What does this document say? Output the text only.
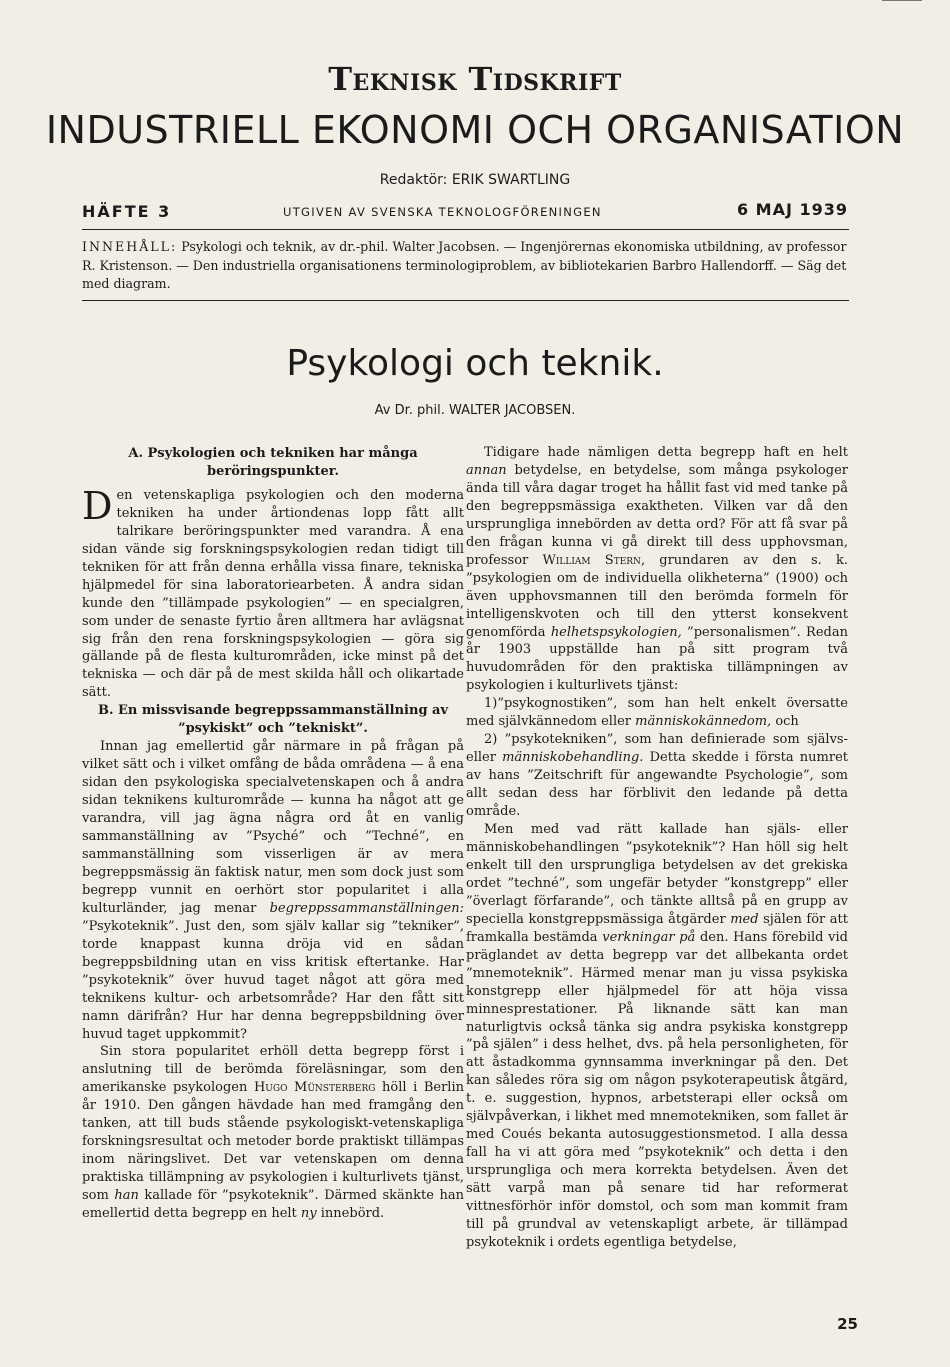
Teknisk Tidskrift
INDUSTRIELL EKONOMI OCH ORGANISATION
Redaktör: ERIK SWARTLING
HÄFTE 3	UTGIVEN AV SVENSKA TEKNOLOGFÖRENINGEN	6 MAJ 1939
INNEHÅLL: Psykologi och teknik, av dr.-phil. Walter Jacobsen. — Ingenjörernas ekonomiska utbildning, av professor R. Kristenson. — Den industriella organisationens terminologiproblem, av bibliotekarien Barbro Hallendorff. — Säg det med diagram.
Psykologi och teknik.
Av Dr. phil. WALTER JACOBSEN.

A. Psykologien och tekniken har många beröringspunkter.

Den vetenskapliga psykologien och den moderna tekniken ha under årtiondenas lopp fått allt talrikare beröringspunkter med varandra. Å ena sidan vände sig forskningspsykologien redan tidigt till tekniken för att från denna erhålla vissa finare, tekniska hjälpmedel för sina laboratoriearbeten. Å andra sidan kunde den ”tillämpade psykologien” — en specialgren, som under de senaste fyrtio åren alltmera har avlägsnat sig från den rena forskningspsykologien — göra sig gällande på de flesta kulturområden, icke minst på det tekniska — och där på de mest skilda håll och olikartade sätt.

B. En missvisande begreppssammanställning av ”psykiskt” och ”tekniskt”.

Innan jag emellertid går närmare in på frågan på vilket sätt och i vilket omfång de båda områdena — å ena sidan den psykologiska specialvetenskapen och å andra sidan teknikens kulturområde — kunna ha något att ge varandra, vill jag ägna några ord åt en vanlig sammanställning av ”Psyché” och ”Techné”, en sammanställning som visserligen är av mera begreppsmässig än faktisk natur, men som dock just som begrepp vunnit en oerhört stor popularitet i alla kulturländer, jag menar begreppssammanställningen: ”Psykoteknik”. Just den, som själv kallar sig ”tekniker”, torde knappast kunna dröja vid en sådan begreppsbildning utan en viss kritisk eftertanke. Har ”psykoteknik” över huvud taget något att göra med teknikens kultur- och arbetsområde? Har den fått sitt namn därifrån? Hur har denna begreppsbildning över huvud taget uppkommit?

Sin stora popularitet erhöll detta begrepp först i anslutning till de berömda föreläsningar, som den amerikanske psykologen Hugo Münsterberg höll i Berlin år 1910. Den gången hävdade han med framgång den tanken, att till buds stående psykologiskt-vetenskapliga forskningsresultat och metoder borde praktiskt tillämpas inom näringslivet. Det var vetenskapen om denna praktiska tillämpning av psykologien i kulturlivets tjänst, som han kallade för ”psykoteknik”. Därmed skänkte han emellertid detta begrepp en helt ny innebörd.

Tidigare hade nämligen detta begrepp haft en helt annan betydelse, en betydelse, som många psykologer ända till våra dagar troget ha hållit fast vid med tanke på den begreppsmässiga exaktheten. Vilken var då den ursprungliga innebörden av detta ord? För att få svar på den frågan kunna vi gå direkt till dess upphovsman, professor William Stern, grundaren av den s. k. ”psykologien om de individuella olikheterna” (1900) och även upphovsmannen till den berömda formeln för intelligenskvoten och till den ytterst konsekvent genomförda helhetspsykologien, ”personalismen”. Redan år 1903 uppställde han på sitt program två huvudområden för den praktiska tillämpningen av psykologien i kulturlivets tjänst:

1)”psykognostiken”, som han helt enkelt översatte med självkännedom eller människokännedom, och

2) ”psykotekniken”, som han definierade som självs- eller människobehandling. Detta skedde i första numret av hans ”Zeitschrift für angewandte Psychologie”, som allt sedan dess har förblivit den ledande på detta område.

Men med vad rätt kallade han själs- eller människobehandlingen ”psykoteknik”? Han höll sig helt enkelt till den ursprungliga betydelsen av det grekiska ordet ”techné”, som ungefär betyder ”konstgrepp” eller ”överlagt förfarande”, och tänkte alltså på en grupp av speciella konstgreppsmässiga åtgärder med själen för att framkalla bestämda verkningar på den. Hans förebild vid präglandet av detta begrepp var det allbekanta ordet ”mnemoteknik”. Härmed menar man ju vissa psykiska konstgrepp eller hjälpmedel för att höja vissa minnesprestationer. På liknande sätt kan man naturligtvis också tänka sig andra psykiska konstgrepp ”på själen” i dess helhet, dvs. på hela personligheten, för att åstadkomma gynnsamma inverkningar på den. Det kan således röra sig om någon psykoterapeutisk åtgärd, t. e. suggestion, hypnos, arbetsterapi eller också om självpåverkan, i likhet med mnemotekniken, som fallet är med Coués bekanta autosuggestionsmetod. I alla dessa fall ha vi att göra med ”psykoteknik” och detta i den ursprungliga och mera korrekta betydelsen. Även det sätt varpå man på senare tid har reformerat vittnesförhör inför domstol, och som man kommit fram till på grundval av vetenskapligt arbete, är tillämpad psykoteknik i ordets egentliga betydelse,

25
